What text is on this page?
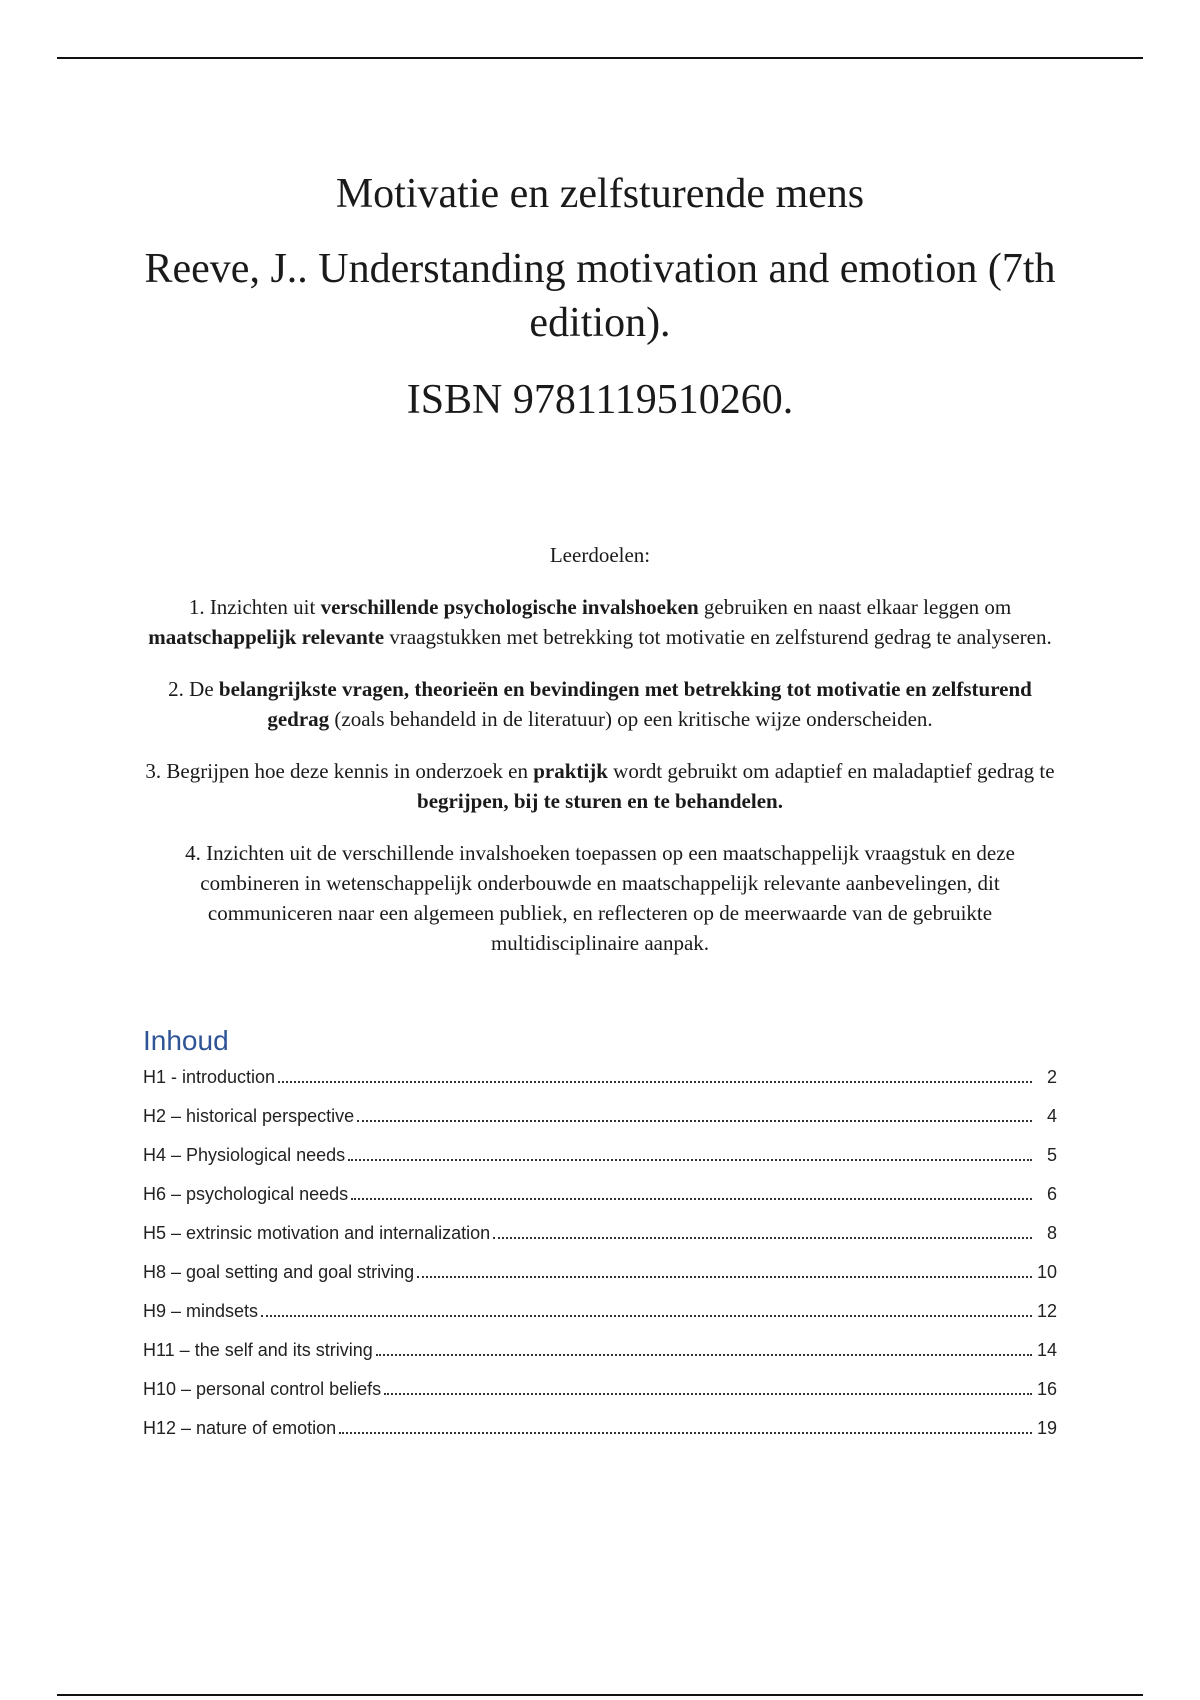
Motivatie en zelfsturende mens

Reeve, J.. Understanding motivation and emotion (7th edition).

ISBN 9781119510260.

Leerdoelen:

1. Inzichten uit verschillende psychologische invalshoeken gebruiken en naast elkaar leggen om maatschappelijk relevante vraagstukken met betrekking tot motivatie en zelfsturend gedrag te analyseren.

2. De belangrijkste vragen, theorieën en bevindingen met betrekking tot motivatie en zelfsturend gedrag (zoals behandeld in de literatuur) op een kritische wijze onderscheiden.

3. Begrijpen hoe deze kennis in onderzoek en praktijk wordt gebruikt om adaptief en maladaptief gedrag te begrijpen, bij te sturen en te behandelen.

4. Inzichten uit de verschillende invalshoeken toepassen op een maatschappelijk vraagstuk en deze combineren in wetenschappelijk onderbouwde en maatschappelijk relevante aanbevelingen, dit communiceren naar een algemeen publiek, en reflecteren op de meerwaarde van de gebruikte multidisciplinaire aanpak.

Inhoud
H1 - introduction	2
H2 – historical perspective	4
H4 – Physiological needs	5
H6 – psychological needs	6
H5 – extrinsic motivation and internalization	8
H8 – goal setting and goal striving	10
H9 – mindsets	12
H11 – the self and its striving	14
H10 – personal control beliefs	16
H12 – nature of emotion	19
